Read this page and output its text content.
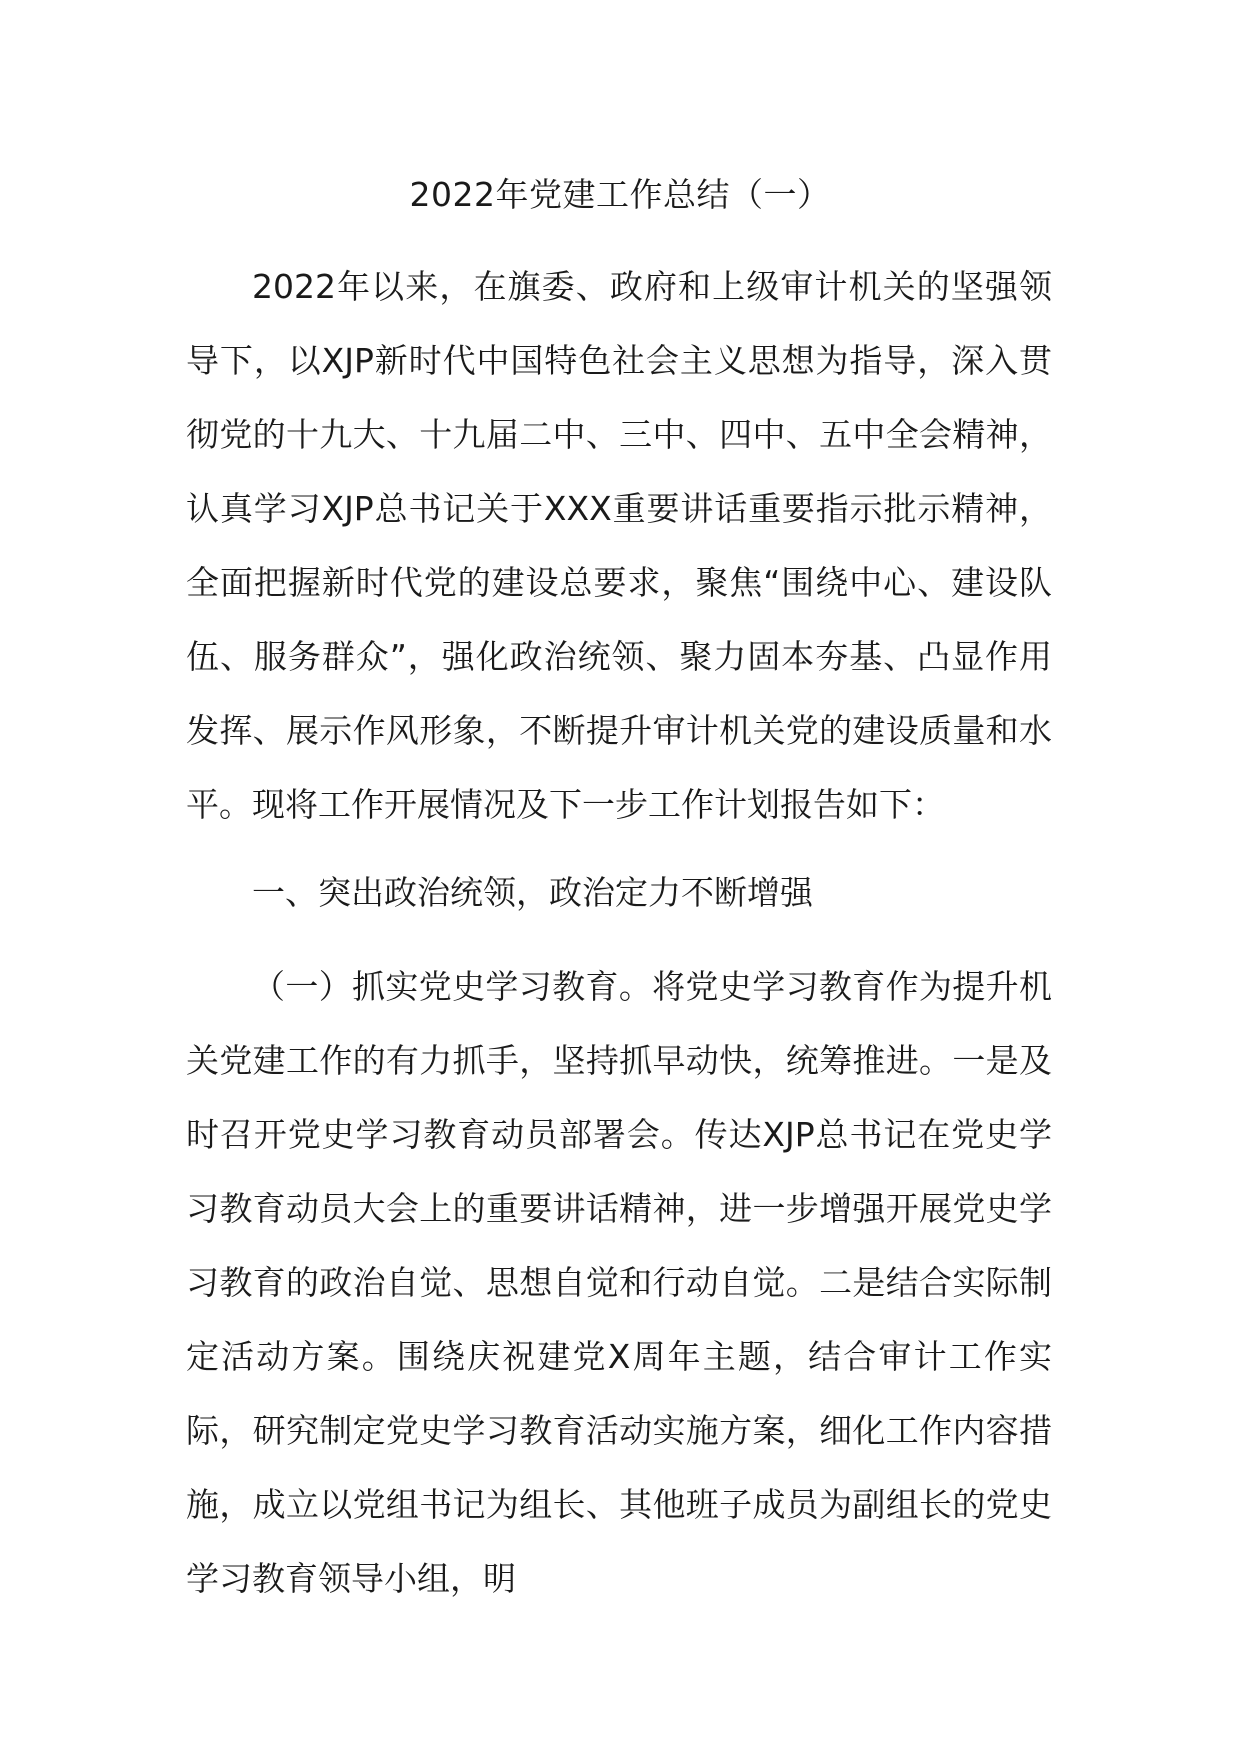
2022年党建工作总结（一）

2022年以来，在旗委、政府和上级审计机关的坚强领导下，以XJP新时代中国特色社会主义思想为指导，深入贯彻党的十九大、十九届二中、三中、四中、五中全会精神，认真学习XJP总书记关于XXX重要讲话重要指示批示精神，全面把握新时代党的建设总要求，聚焦“围绕中心、建设队伍、服务群众”，强化政治统领、聚力固本夯基、凸显作用发挥、展示作风形象，不断提升审计机关党的建设质量和水平。现将工作开展情况及下一步工作计划报告如下：

一、突出政治统领，政治定力不断增强

（一）抓实党史学习教育。将党史学习教育作为提升机关党建工作的有力抓手，坚持抓早动快，统筹推进。一是及时召开党史学习教育动员部署会。传达XJP总书记在党史学习教育动员大会上的重要讲话精神，进一步增强开展党史学习教育的政治自觉、思想自觉和行动自觉。二是结合实际制定活动方案。围绕庆祝建党X周年主题，结合审计工作实际，研究制定党史学习教育活动实施方案，细化工作内容措施，成立以党组书记为组长、其他班子成员为副组长的党史学习教育领导小组，明
